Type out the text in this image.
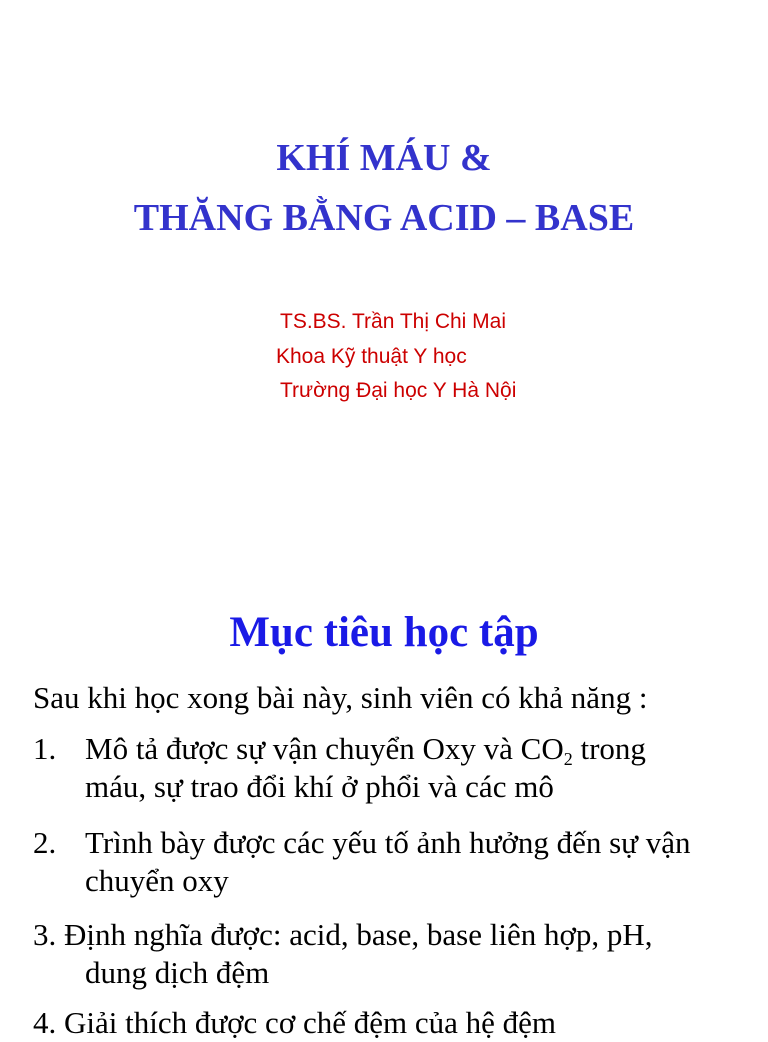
KHÍ MÁU &
THĂNG BẰNG ACID – BASE

TS.BS. Trần Thị Chi Mai

Khoa Kỹ thuật Y học

Trường Đại học Y Hà Nội

Mục tiêu học tập

Sau khi học xong bài này, sinh viên có khả năng :

1. Mô tả được sự vận chuyển Oxy và $CO_2$ trong
máu, sự trao đổi khí ở phổi và các mô
2. Trình bày được các yếu tố ảnh hưởng đến sự vận
chuyển oxy
3. Định nghĩa được: acid, base, base liên hợp, pH,
dung dịch đệm
4. Giải thích được cơ chế đệm của hệ đệm
